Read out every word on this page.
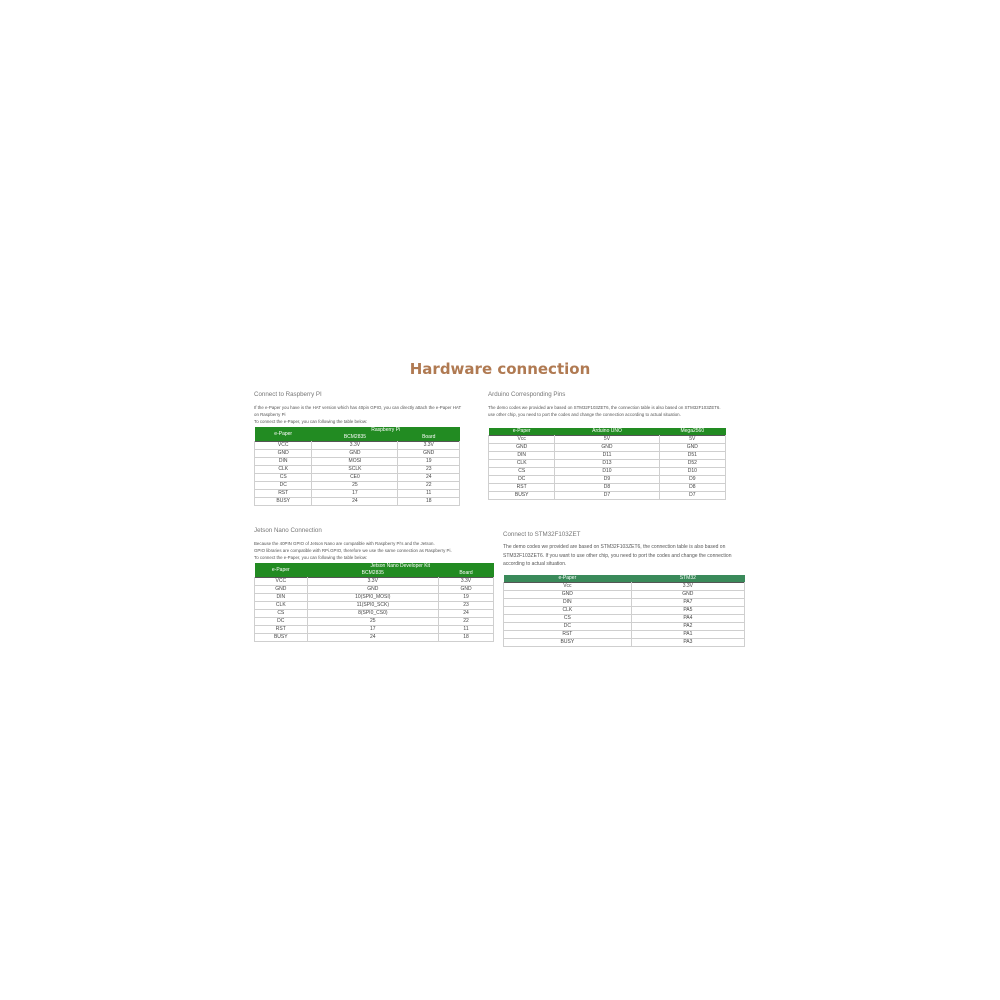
Hardware connection

Connect to Raspberry PI

If the e-Paper you have is the HAT version which has 40pin GPIO, you can directly attach the e-Paper HAT

on Raspberry Pi

To connect the e-Paper, you can following the table below:

e-Paper	Raspberry Pi	
	BCM2835	Board
VCC	3.3V	3.3V
GND	GND	GND
DIN	MOSI	19
CLK	SCLK	23
CS	CE0	24
DC	25	22
RST	17	11
BUSY	24	18

Arduino Corresponding Pins

The demo codes we provided are based on STM32F103ZET6, the connection table is also based on STM32F103ZET6.

use other chip, you need to port the codes and change the connection according to actual situation.

e-Paper	Arduino UNO	Mega2560
Vcc	5V	5V
GND	GND	GND
DIN	D11	D51
CLK	D13	D52
CS	D10	D10
DC	D9	D9
RST	D8	D8
BUSY	D7	D7

Jetson Nano Connection

Because the 40PIN GPIO of Jetson Nano are compatible with Raspberry Pi's and the Jetson.

GPIO libraries are compatible with RPi.GPIO, therefore we use the same connection as Raspberry Pi.

To connect the e-Paper, you can following the table below:

e-Paper	Jetson Nano Developer Kit	
	BCM2835	Board
VCC	3.3V	3.3V
GND	GND	GND
DIN	10(SPI0_MOSI)	19
CLK	11(SPI0_SCK)	23
CS	8(SPI0_CS0)	24
DC	25	22
RST	17	11
BUSY	24	18

Connect to STM32F103ZET

The demo codes we provided are based on STM32F103ZET6, the connection table is also based on

STM32F103ZET6. If you want to use other chip, you need to port the codes and change the connection

according to actual situation.

e-Paper	STM32
Vcc	3.3V
GND	GND
DIN	PA7
CLK	PA5
CS	PA4
DC	PA2
RST	PA1
BUSY	PA3
